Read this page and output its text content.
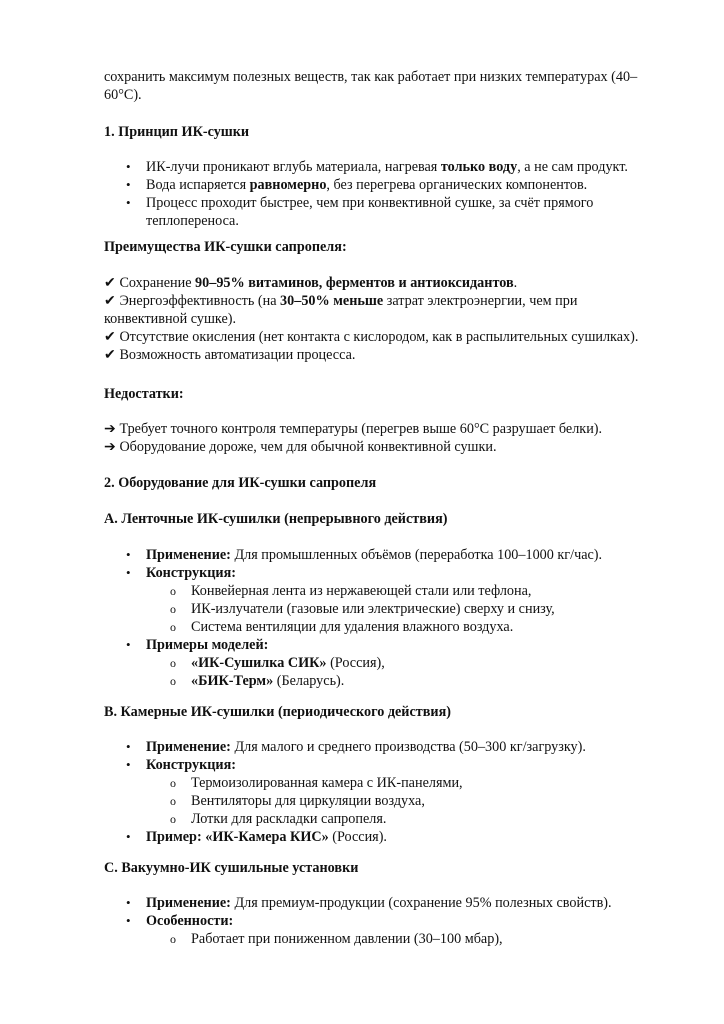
сохранить максимум полезных веществ, так как работает при низких температурах (40–60°C).

1. Принцип ИК-сушки

• ИК-лучи проникают вглубь материала, нагревая только воду, а не сам продукт.
• Вода испаряется равномерно, без перегрева органических компонентов.
• Процесс проходит быстрее, чем при конвективной сушке, за счёт прямого теплопереноса.

Преимущества ИК-сушки сапропеля:

✔ Сохранение 90–95% витаминов, ферментов и антиоксидантов.
✔ Энергоэффективность (на 30–50% меньше затрат электроэнергии, чем при конвективной сушке).
✔ Отсутствие окисления (нет контакта с кислородом, как в распылительных сушилках).
✔ Возможность автоматизации процесса.

Недостатки:

➔ Требует точного контроля температуры (перегрев выше 60°C разрушает белки).
➔ Оборудование дороже, чем для обычной конвективной сушки.

2. Оборудование для ИК-сушки сапропеля

A. Ленточные ИК-сушилки (непрерывного действия)

• Применение: Для промышленных объёмов (переработка 100–1000 кг/час).
• Конструкция:
o Конвейерная лента из нержавеющей стали или тефлона,
o ИК-излучатели (газовые или электрические) сверху и снизу,
o Система вентиляции для удаления влажного воздуха.
• Примеры моделей:
o «ИК-Сушилка СИК» (Россия),
o «БИК-Терм» (Беларусь).

B. Камерные ИК-сушилки (периодического действия)

• Применение: Для малого и среднего производства (50–300 кг/загрузку).
• Конструкция:
o Термоизолированная камера с ИК-панелями,
o Вентиляторы для циркуляции воздуха,
o Лотки для раскладки сапропеля.
• Пример: «ИК-Камера КИС» (Россия).

C. Вакуумно-ИК сушильные установки

• Применение: Для премиум-продукции (сохранение 95% полезных свойств).
• Особенности:
o Работает при пониженном давлении (30–100 мбар),
